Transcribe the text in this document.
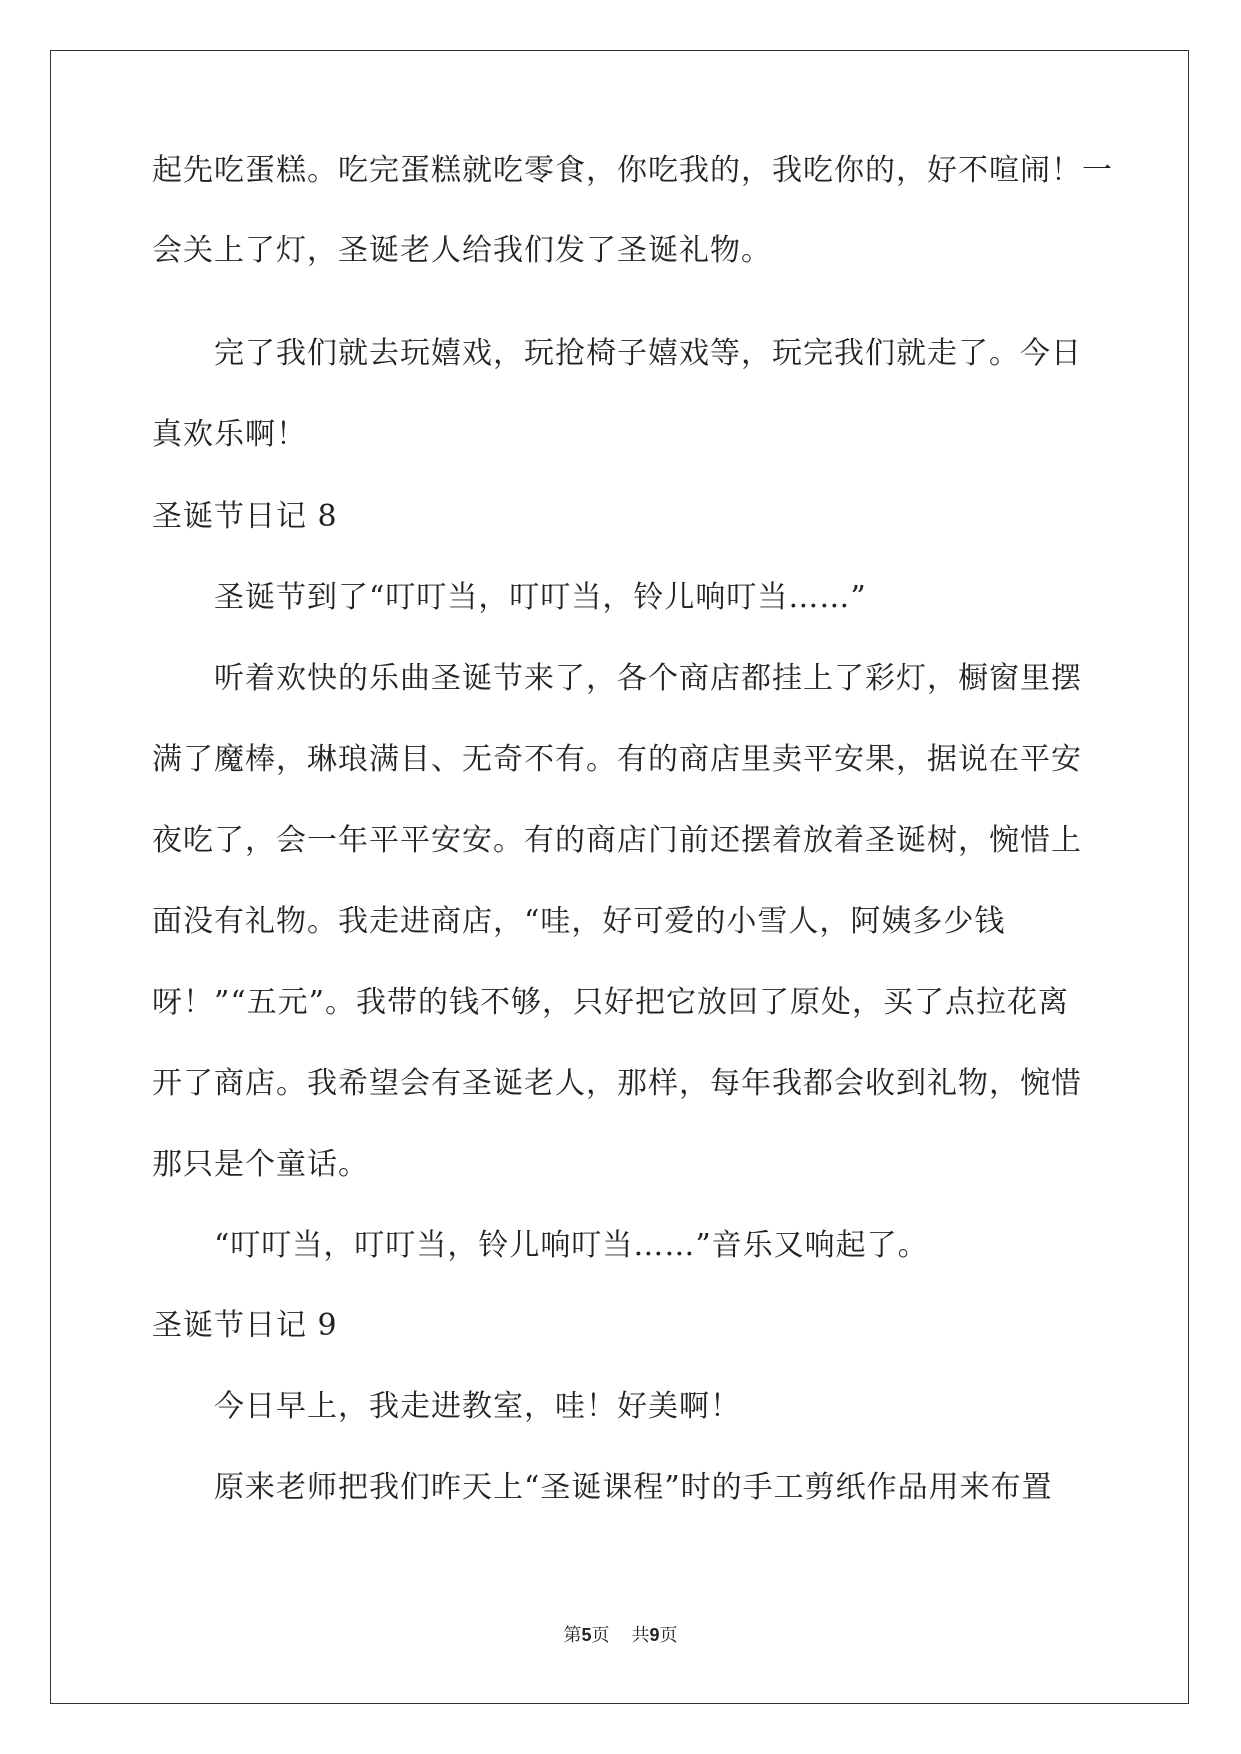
起先吃蛋糕。吃完蛋糕就吃零食，你吃我的，我吃你的，好不喧闹！一
会关上了灯，圣诞老人给我们发了圣诞礼物。
完了我们就去玩嬉戏，玩抢椅子嬉戏等，玩完我们就走了。今日
真欢乐啊！
圣诞节日记 8
圣诞节到了“叮叮当，叮叮当，铃儿响叮当……”
听着欢快的乐曲圣诞节来了，各个商店都挂上了彩灯，橱窗里摆
满了魔棒，琳琅满目、无奇不有。有的商店里卖平安果，据说在平安
夜吃了，会一年平平安安。有的商店门前还摆着放着圣诞树，惋惜上
面没有礼物。我走进商店，“哇，好可爱的小雪人，阿姨多少钱
呀！”“五元”。我带的钱不够，只好把它放回了原处，买了点拉花离
开了商店。我希望会有圣诞老人，那样，每年我都会收到礼物，惋惜
那只是个童话。
“叮叮当，叮叮当，铃儿响叮当……”音乐又响起了。
圣诞节日记 9
今日早上，我走进教室，哇！好美啊！
原来老师把我们昨天上“圣诞课程”时的手工剪纸作品用来布置
第5页 共9页
